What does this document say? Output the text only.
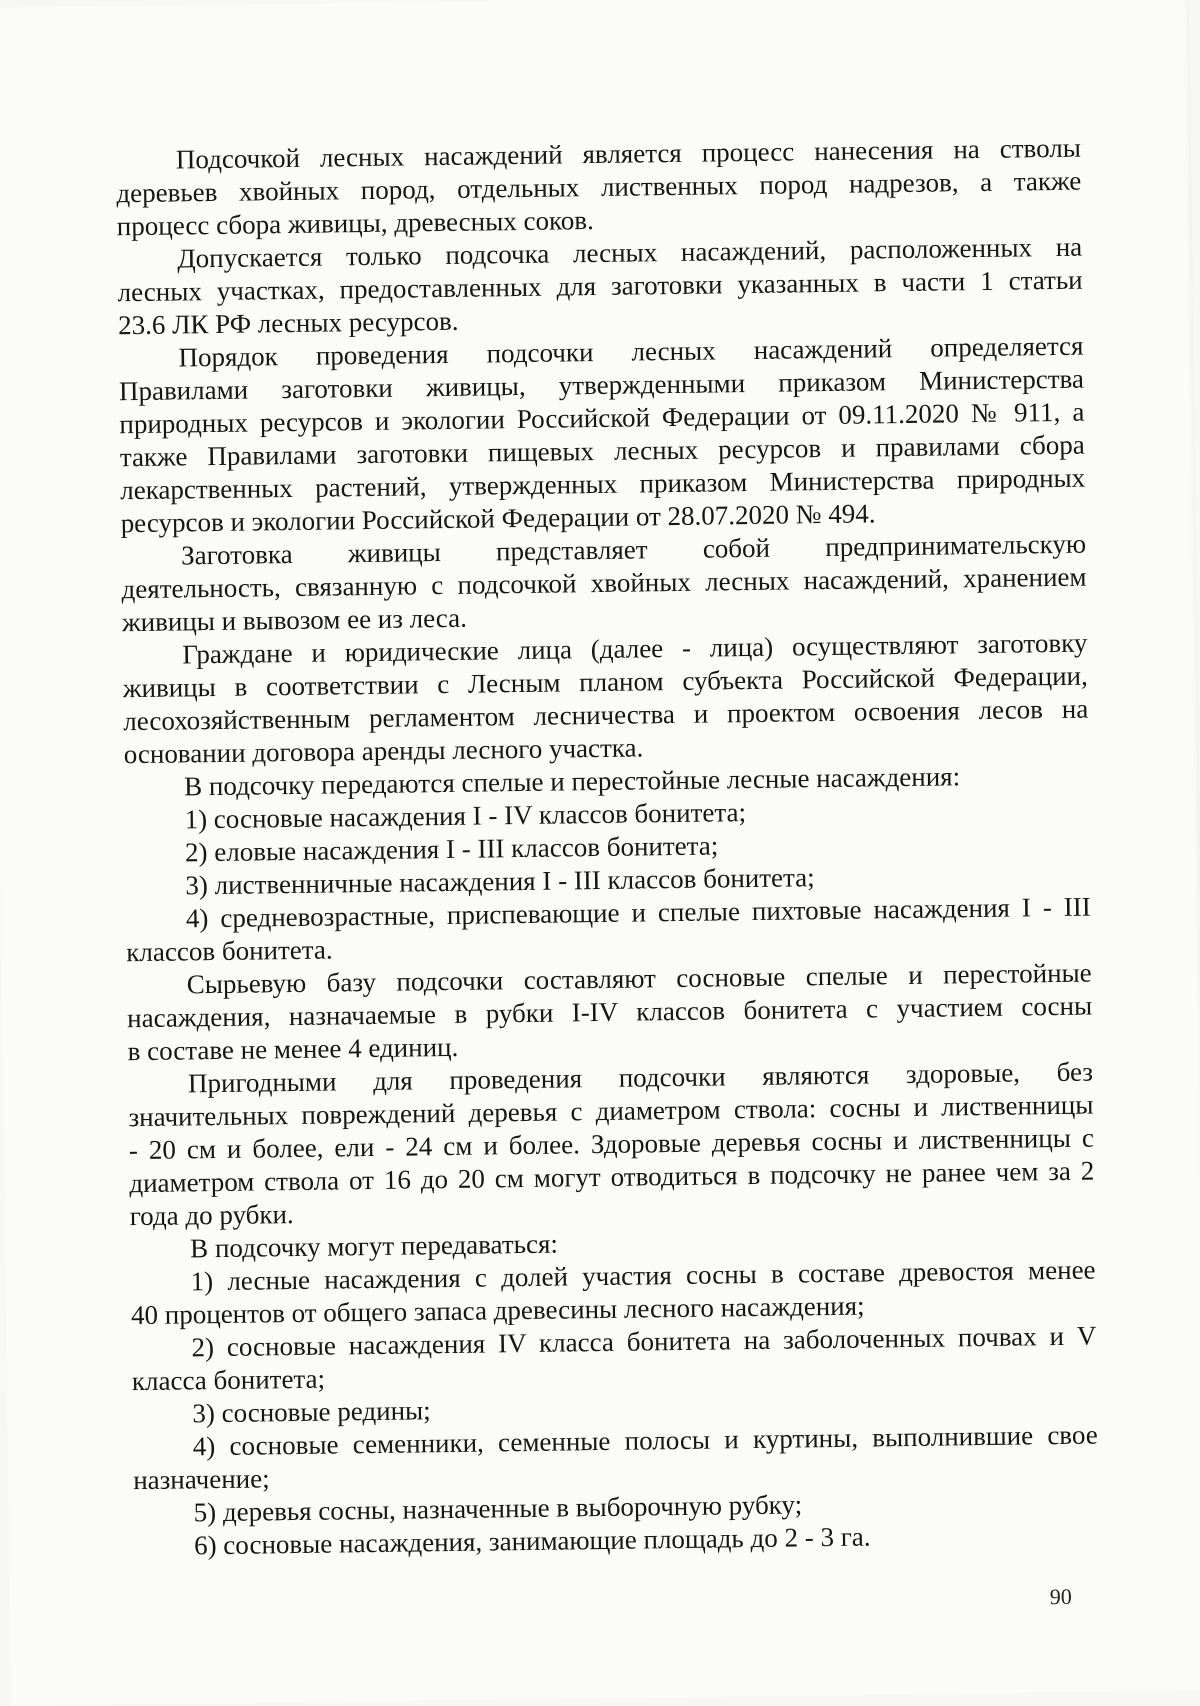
Подсочкой лесных насаждений является процесс нанесения на стволы
деревьев хвойных пород, отдельных лиственных пород надрезов, а также
процесс сбора живицы, древесных соков.
Допускается только подсочка лесных насаждений, расположенных на
лесных участках, предоставленных для заготовки указанных в части 1 статьи
23.6 ЛК РФ лесных ресурсов.
Порядок проведения подсочки лесных насаждений определяется
Правилами заготовки живицы, утвержденными приказом Министерства
природных ресурсов и экологии Российской Федерации от 09.11.2020 № 911, а
также Правилами заготовки пищевых лесных ресурсов и правилами сбора
лекарственных растений, утвержденных приказом Министерства природных
ресурсов и экологии Российской Федерации от 28.07.2020 № 494.
Заготовка живицы представляет собой предпринимательскую
деятельность, связанную с подсочкой хвойных лесных насаждений, хранением
живицы и вывозом ее из леса.
Граждане и юридические лица (далее - лица) осуществляют заготовку
живицы в соответствии с Лесным планом субъекта Российской Федерации,
лесохозяйственным регламентом лесничества и проектом освоения лесов на
основании договора аренды лесного участка.
В подсочку передаются спелые и перестойные лесные насаждения:
1) сосновые насаждения I - IV классов бонитета;
2) еловые насаждения I - III классов бонитета;
3) лиственничные насаждения I - III классов бонитета;
4) средневозрастные, приспевающие и спелые пихтовые насаждения I - III
классов бонитета.
Сырьевую базу подсочки составляют сосновые спелые и перестойные
насаждения, назначаемые в рубки I-IV классов бонитета с участием сосны
в составе не менее 4 единиц.
Пригодными для проведения подсочки являются здоровые, без
значительных повреждений деревья с диаметром ствола: сосны и лиственницы
- 20 см и более, ели - 24 см и более. Здоровые деревья сосны и лиственницы с
диаметром ствола от 16 до 20 см могут отводиться в подсочку не ранее чем за 2
года до рубки.
В подсочку могут передаваться:
1) лесные насаждения с долей участия сосны в составе древостоя менее
40 процентов от общего запаса древесины лесного насаждения;
2) сосновые насаждения IV класса бонитета на заболоченных почвах и V
класса бонитета;
3) сосновые редины;
4) сосновые семенники, семенные полосы и куртины, выполнившие свое
назначение;
5) деревья сосны, назначенные в выборочную рубку;
6) сосновые насаждения, занимающие площадь до 2 - 3 га.
90
